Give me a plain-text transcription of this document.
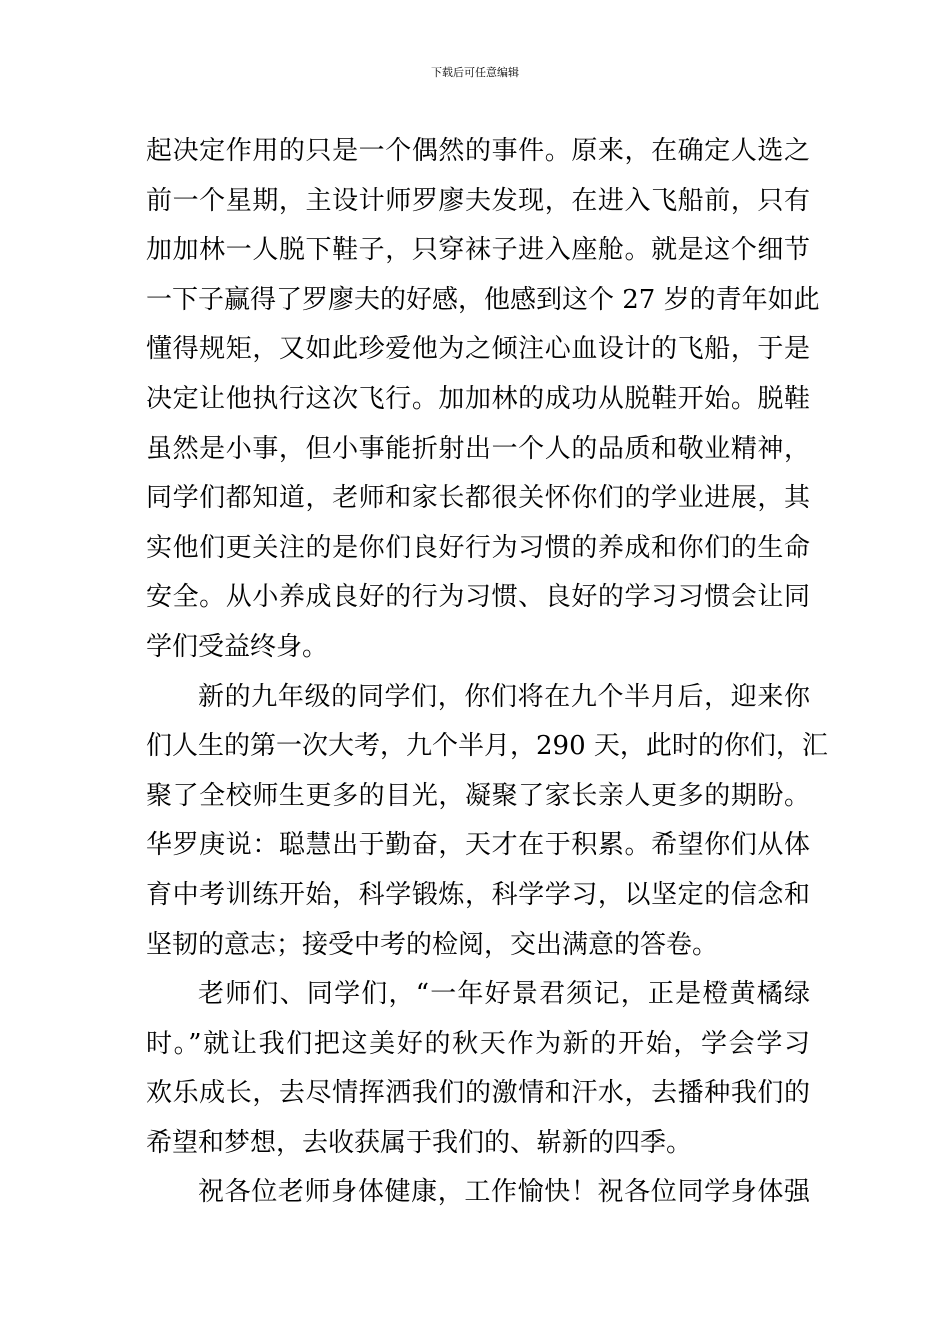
下载后可任意编辑
起决定作用的只是一个偶然的事件。原来，在确定人选之
前一个星期，主设计师罗廖夫发现，在进入飞船前，只有
加加林一人脱下鞋子，只穿袜子进入座舱。就是这个细节
一下子赢得了罗廖夫的好感，他感到这个 27 岁的青年如此
懂得规矩，又如此珍爱他为之倾注心血设计的飞船，于是
决定让他执行这次飞行。加加林的成功从脱鞋开始。脱鞋
虽然是小事，但小事能折射出一个人的品质和敬业精神，
同学们都知道，老师和家长都很关怀你们的学业进展，其
实他们更关注的是你们良好行为习惯的养成和你们的生命
安全。从小养成良好的行为习惯、良好的学习习惯会让同
学们受益终身。
新的九年级的同学们，你们将在九个半月后，迎来你
们人生的第一次大考，九个半月，290 天，此时的你们，汇
聚了全校师生更多的目光，凝聚了家长亲人更多的期盼。
华罗庚说：聪慧出于勤奋，天才在于积累。希望你们从体
育中考训练开始，科学锻炼，科学学习，以坚定的信念和
坚韧的意志；接受中考的检阅，交出满意的答卷。
老师们、同学们，“一年好景君须记，正是橙黄橘绿
时。”就让我们把这美好的秋天作为新的开始，学会学习
欢乐成长，去尽情挥洒我们的激情和汗水，去播种我们的
希望和梦想，去收获属于我们的、崭新的四季。
祝各位老师身体健康，工作愉快！祝各位同学身体强
